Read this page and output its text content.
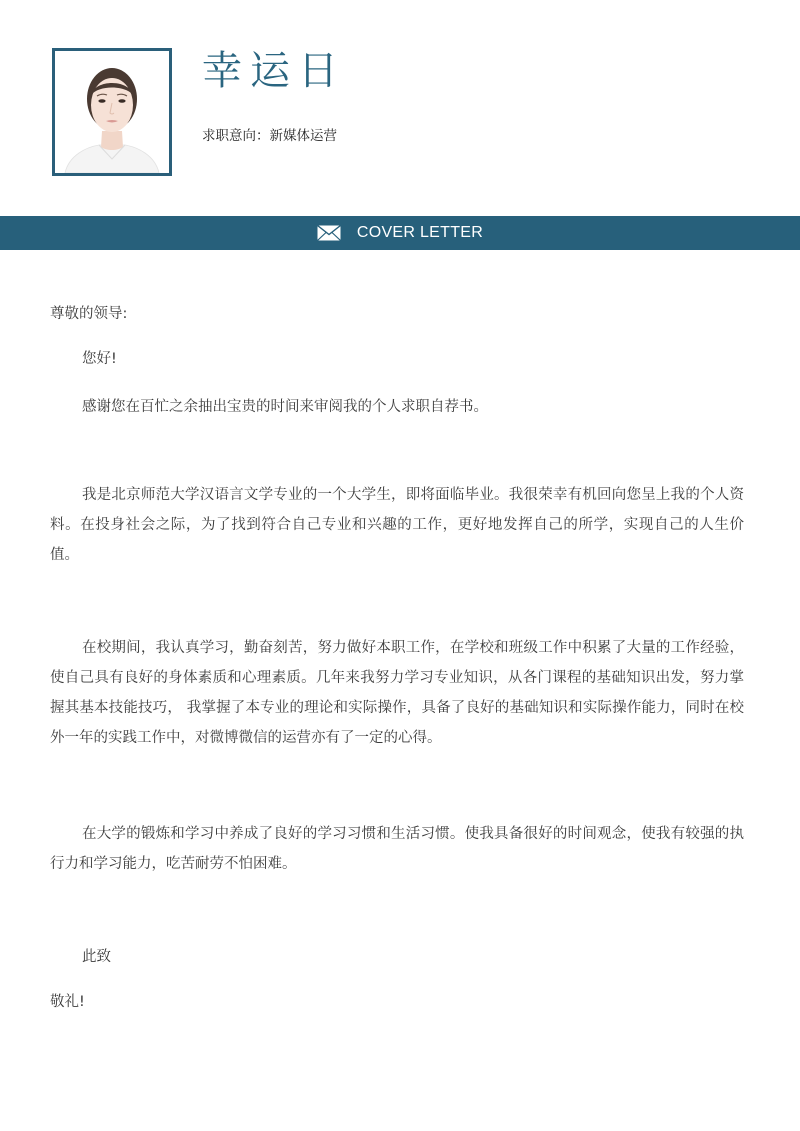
幸运日
求职意向：新媒体运营
COVER LETTER

尊敬的领导:

您好!

感谢您在百忙之余抽出宝贵的时间来审阅我的个人求职自荐书。

我是北京师范大学汉语言文学专业的一个大学生，即将面临毕业。我很荣幸有机回向您呈上我的个人资料。在投身社会之际，为了找到符合自己专业和兴趣的工作，更好地发挥自己的所学，实现自己的人生价值。

在校期间，我认真学习，勤奋刻苦，努力做好本职工作，在学校和班级工作中积累了大量的工作经验，使自己具有良好的身体素质和心理素质。几年来我努力学习专业知识，从各门课程的基础知识出发，努力掌握其基本技能技巧， 我掌握了本专业的理论和实际操作，具备了良好的基础知识和实际操作能力，同时在校外一年的实践工作中，对微博微信的运营亦有了一定的心得。

在大学的锻炼和学习中养成了良好的学习习惯和生活习惯。使我具备很好的时间观念，使我有较强的执行力和学习能力，吃苦耐劳不怕困难。

此致

敬礼!
